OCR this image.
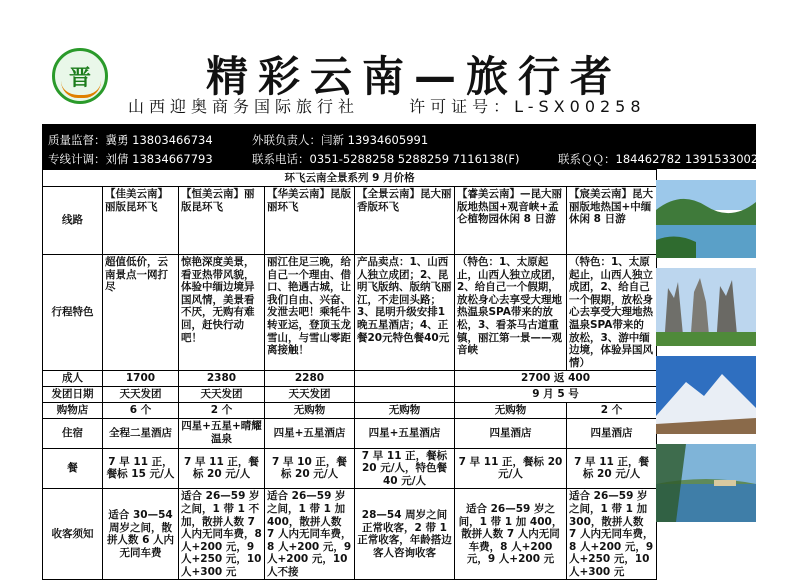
晋	精彩云南—旅行者
山西迎奥商务国际旅行社	许可证号：L-SX00258
质量监督：冀勇 13803466734	外联负责人：闫新 13934605991
专线计调：刘倩 13834667793	联系电话：0351-5288258 5288259 7116138(F)	联系ＱＱ：184462782 1391533002
环飞云南全景系列 9 月价格						
线路	【佳美云南】丽版昆环飞	【恒美云南】丽版昆环飞	【华美云南】昆版丽环飞	【全景云南】昆大丽香版环飞	【睿美云南】—昆大丽版地热国+观音峡+孟仑植物园休闲 8 日游	【宸美云南】昆大丽版地热国+中缅休闲 8 日游
行程特色	超值低价，云南景点一网打尽	惊艳深度美景，看亚热带风貌，体验中缅边境异国风情，美景看不厌，无购有难回，赶快行动吧！	丽江住足三晚，给自己一个理由、借口、艳遇古城，让我们自由、兴奋、发泄去吧！乘牦牛转亚运，登顶玉龙雪山，与雪山零距离接触！	产品卖点：1、山西人独立成团；2、昆明飞版纳、版纳飞丽江，不走回头路；3、昆明升级安排1晚五星酒店；4、正餐20元特色餐40元	（特色：1、太原起止，山西人独立成团，2、给自己一个假期，放松身心去享受大理地热温泉SPA带来的放松，3、看茶马古道重镇，丽江第一景——观音峡	（特色：1、太原起止，山西人独立成团，2、给自己一个假期，放松身心去享受大理地热温泉SPA带来的放松，3、游中缅边境，体验异国风情）
成人	1700	2380	2280		2700 返 400	
发团日期	天天发团	天天发团	天天发团		9 月 5 号	
购物店	6 个	2 个	无购物	无购物	无购物	2 个
住宿	全程二星酒店	四星+五星+晴耀温泉	四星+五星酒店	四星+五星酒店	四星酒店	四星酒店
餐	7 早 11 正，餐标 15 元/人	7 早 11 正，餐标 20 元/人	7 早 10 正，餐标 20 元/人	7 早 11 正，餐标 20 元/人，特色餐 40 元/人	7 早 11 正，餐标 20 元/人	7 早 11 正，餐标 20 元/人
收客须知	适合 30—54 周岁之间，散拼人数 6 人内无同车费	适合 26—59 岁之间，1 带 1 不加，散拼人数 7 人内无同车费，8 人+200 元，9 人+250 元，10 人+300 元	适合 26—59 岁之间，1 带 1 加 400，散拼人数 7 人内无同车费，8 人+200 元，9 人+200 元，10 人不接	28—54 周岁之间正常收客，2 带 1 正常收客，年龄搭边客人咨询收客	适合 26—59 岁之间，1 带 1 加 400，散拼人数 7 人内无同车费，8 人+200 元，9 人+200 元	适合 26—59 岁之间，1 带 1 加 300，散拼人数 7 人内无同车费，8 人+200 元，9 人+250 元，10 人+300 元
